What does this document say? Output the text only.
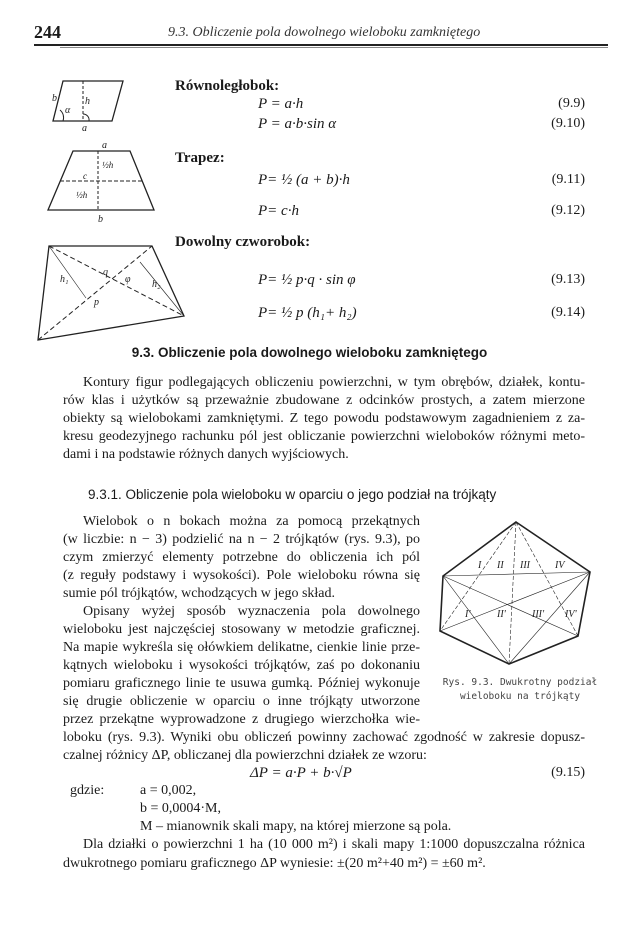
244	9.3. Obliczenie pola dowolnego wieloboku zamkniętego
h
b
α
a
a
½h
c
½h
b
h₁
q
φ h₂
p
I II III	IV
I'	II'	III' IV'
Równoległobok:
P = a·h	(9.9)
P = a·b·sin α	(9.10)
Trapez:
P= ½ (a + b)·h	(9.11)
P= c·h	(9.12)
Dowolny czworobok:
P= ½ p·q · sin φ	(9.13)
P= ½ p (h₁+ h₂)	(9.14)
9.3. Obliczenie pola dowolnego wieloboku zamkniętego
Kontury figur podlegających obliczeniu powierzchni, w tym obrębów, działek, kontu-
rów klas i użytków są przeważnie zbudowane z odcinków prostych, a zatem mierzone
obiekty są wielobokami zamkniętymi. Z tego powodu podstawowym zagadnieniem z za-
kresu geodezyjnego rachunku pól jest obliczanie powierzchni wieloboków różnymi meto-
dami i na podstawie różnych danych wyjściowych.
9.3.1. Obliczenie pola wieloboku w oparciu o jego podział na trójkąty
Wielobok o n bokach można za pomocą przekątnych
(w liczbie: n − 3) podzielić na n − 2 trójkątów (rys. 9.3), po
czym zmierzyć elementy potrzebne do obliczenia ich pól
(z reguły podstawy i wysokości). Pole wieloboku równa się
sumie pól trójkątów, wchodzących w jego skład.
Opisany wyżej sposób wyznaczenia pola dowolnego
wieloboku jest najczęściej stosowany w metodzie graficznej.
Na mapie wykreśla się ołówkiem delikatne, cienkie linie prze-
kątnych wieloboku i wysokości trójkątów, zaś po dokonaniu
pomiaru graficznego linie te usuwa gumką. Później wykonuje
się drugie obliczenie w oparciu o inne trójkąty utworzone
przez przekątne wyprowadzone z drugiego wierzchołka wie-
loboku (rys. 9.3). Wyniki obu obliczeń powinny zachować zgodność w zakresie dopusz-
czalnej różnicy ΔP, obliczanej dla powierzchni działek ze wzoru:
Rys. 9.3. Dwukrotny podział
wieloboku na trójkąty
ΔP = a·P + b·√P	(9.15)
gdzie:	a = 0,002,
b = 0,0004·M,
M – mianownik skali mapy, na której mierzone są pola.
Dla działki o powierzchni 1 ha (10 000 m²) i skali mapy 1:1000 dopuszczalna różnica
dwukrotnego pomiaru graficznego ΔP wyniesie: ±(20 m²+40 m²) = ±60 m².
